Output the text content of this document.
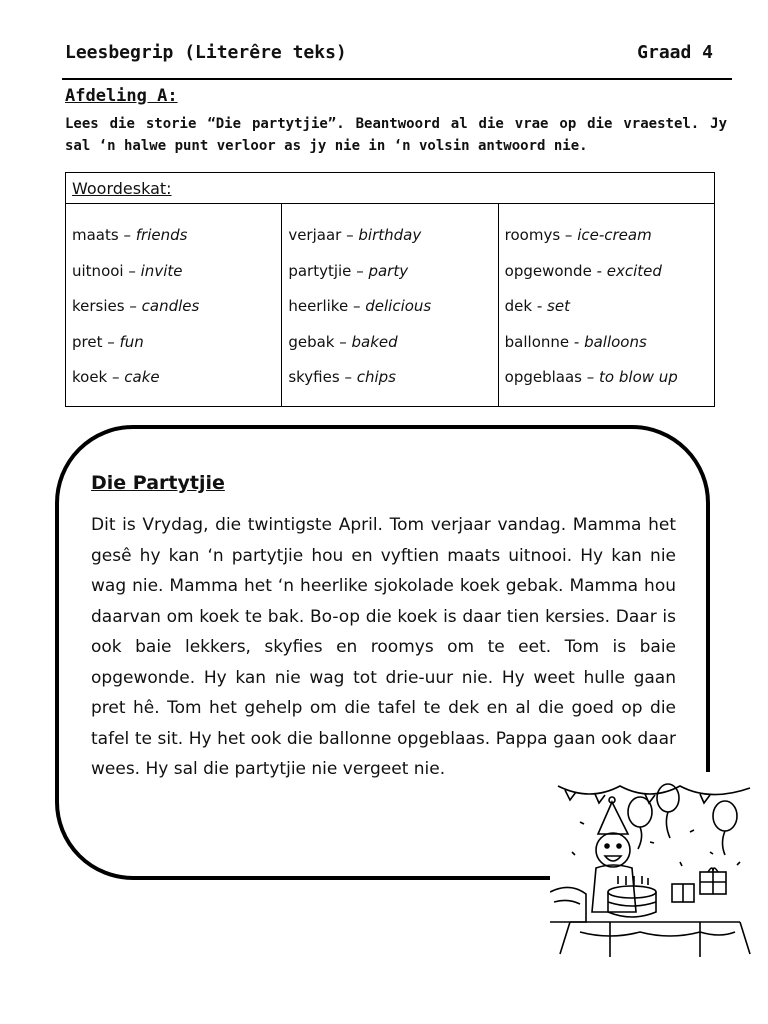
Leesbegrip (Literêre teks)	Graad 4
Afdeling A:
Lees die storie “Die partytjie”. Beantwoord al die vrae op die vraestel. Jy sal ‘n halwe punt verloor as jy nie in ‘n volsin antwoord nie.
Woordeskat:
maats – friends
uitnooi – invite
kersies – candles
pret – fun
koek – cake
verjaar – birthday
partytjie – party
heerlike – delicious
gebak – baked
skyfies – chips
roomys – ice-cream
opgewonde - excited
dek - set
ballonne - balloons
opgeblaas – to blow up
Die Partytjie
Dit is Vrydag, die twintigste April. Tom verjaar vandag. Mamma het gesê hy kan ‘n partytjie hou en vyftien maats uitnooi. Hy kan nie wag nie. Mamma het ‘n heerlike sjokolade koek gebak. Mamma hou daarvan om koek te bak. Bo-op die koek is daar tien kersies. Daar is ook baie lekkers, skyfies en roomys om te eet. Tom is baie opgewonde. Hy kan nie wag tot drie-uur nie. Hy weet hulle gaan pret hê. Tom het gehelp om die tafel te dek en al die goed op die tafel te sit. Hy het ook die ballonne opgeblaas. Pappa gaan ook daar wees. Hy sal die partytjie nie vergeet nie.
